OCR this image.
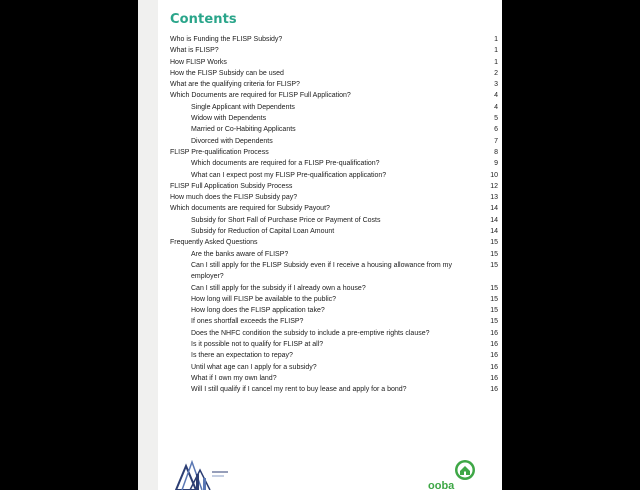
Contents
Who is Funding the FLISP Subsidy?	1
What is FLISP?	1
How FLISP Works	1
How the FLISP Subsidy can be used	2
What are the qualifying criteria for FLISP?	3
Which Documents are required for FLISP Full Application?	4
Single Applicant with Dependents	4
Widow with Dependents	5
Married or Co-Habiting Applicants	6
Divorced with Dependents	7
FLISP Pre-qualification Process	8
Which documents are required for a FLISP Pre-qualification?	9
What can I expect post my FLISP Pre-qualification application?	10
FLISP Full Application Subsidy Process	12
How much does the FLISP Subsidy pay?	13
Which documents are required for Subsidy Payout?	14
Subsidy for Short Fall of Purchase Price or Payment of Costs	14
Subsidy for Reduction of Capital Loan Amount	14
Frequently Asked Questions	15
Are the banks aware of FLISP?	15
Can I still apply for the FLISP Subsidy even if I receive a housing allowance from my employer?
15
Can I still apply for the subsidy if I already own a house?	15
How long will FLISP be available to the public?	15
How long does the FLISP application take?	15
If ones shortfall exceeds the FLISP?	15
Does the NHFC condition the subsidy to include a pre-emptive rights clause?	16
Is it possible not to qualify for FLISP at all?	16
Is there an expectation to repay?	16
Until what age can I apply for a subsidy?	16
What if I own my own land?	16
Will I still qualify if I cancel my rent to buy lease and apply for a bond?	16
ooba
